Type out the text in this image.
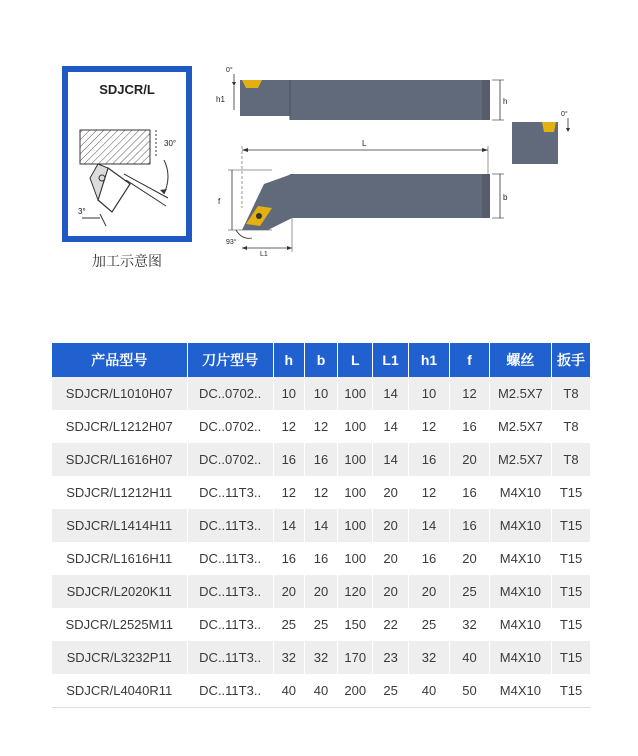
SDJCR/L
30°
3°
加工示意图
0°
h1	h
L
f	b
93°
L1
0°
产品型号	刀片型号	h	b	L	L1	h1	f	螺丝	扳手
SDJCR/L1010H07	DC..0702..	10	10	100	14	10	12	M2.5X7	T8
SDJCR/L1212H07	DC..0702..	12	12	100	14	12	16	M2.5X7	T8
SDJCR/L1616H07	DC..0702..	16	16	100	14	16	20	M2.5X7	T8
SDJCR/L1212H11	DC..11T3..	12	12	100	20	12	16	M4X10	T15
SDJCR/L1414H11	DC..11T3..	14	14	100	20	14	16	M4X10	T15
SDJCR/L1616H11	DC..11T3..	16	16	100	20	16	20	M4X10	T15
SDJCR/L2020K11	DC..11T3..	20	20	120	20	20	25	M4X10	T15
SDJCR/L2525M11	DC..11T3..	25	25	150	22	25	32	M4X10	T15
SDJCR/L3232P11	DC..11T3..	32	32	170	23	32	40	M4X10	T15
SDJCR/L4040R11	DC..11T3..	40	40	200	25	40	50	M4X10	T15
